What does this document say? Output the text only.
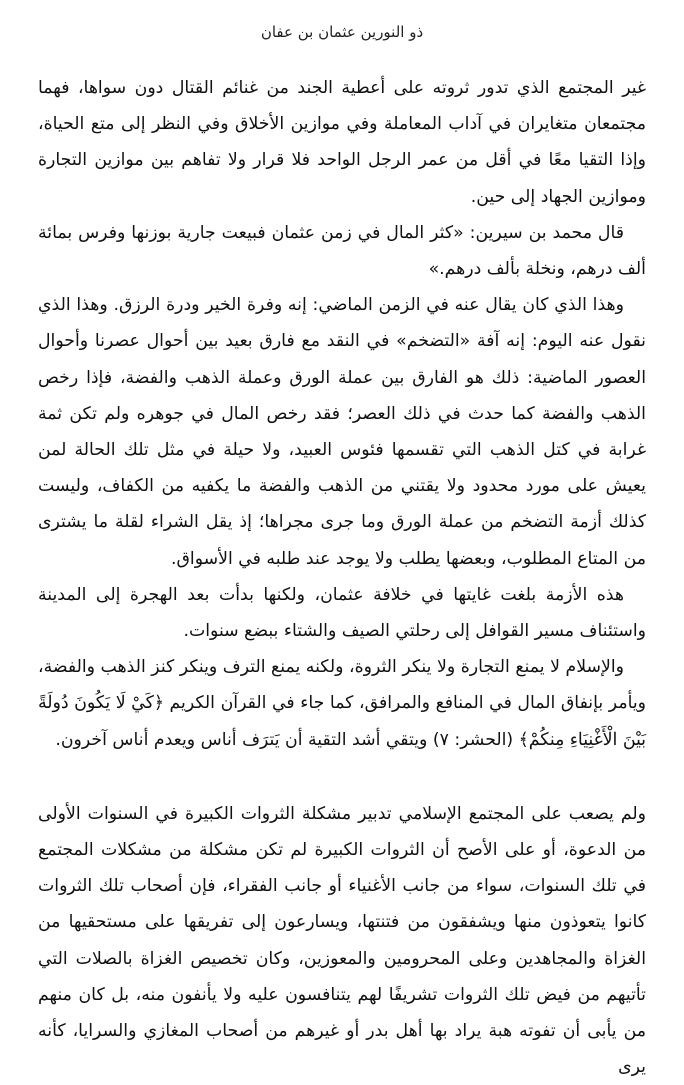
ذو النورين عثمان بن عفان

غير المجتمع الذي تدور ثروته على أعطية الجند من غنائم القتال دون سواها، فهما مجتمعان متغايران في آداب المعاملة وفي موازين الأخلاق وفي النظر إلى متع الحياة، وإذا التقيا معًا في أقل من عمر الرجل الواحد فلا قرار ولا تفاهم بين موازين التجارة وموازين الجهاد إلى حين.

قال محمد بن سيرين: «كثر المال في زمن عثمان فبيعت جارية بوزنها وفرس بمائة ألف درهم، ونخلة بألف درهم.»

وهذا الذي كان يقال عنه في الزمن الماضي: إنه وفرة الخير ودرة الرزق. وهذا الذي نقول عنه اليوم: إنه آفة «التضخم» في النقد مع فارق بعيد بين أحوال عصرنا وأحوال العصور الماضية: ذلك هو الفارق بين عملة الورق وعملة الذهب والفضة، فإذا رخص الذهب والفضة كما حدث في ذلك العصر؛ فقد رخص المال في جوهره ولم تكن ثمة غرابة في كتل الذهب التي تقسمها فئوس العبيد، ولا حيلة في مثل تلك الحالة لمن يعيش على مورد محدود ولا يقتني من الذهب والفضة ما يكفيه من الكفاف، وليست كذلك أزمة التضخم من عملة الورق وما جرى مجراها؛ إذ يقل الشراء لقلة ما يشترى من المتاع المطلوب، وبعضها يطلب ولا يوجد عند طلبه في الأسواق.

هذه الأزمة بلغت غايتها في خلافة عثمان، ولكنها بدأت بعد الهجرة إلى المدينة واستئناف مسير القوافل إلى رحلتي الصيف والشتاء ببضع سنوات.

والإسلام لا يمنع التجارة ولا ينكر الثروة، ولكنه يمنع الترف وينكر كنز الذهب والفضة، ويأمر بإنفاق المال في المنافع والمرافق، كما جاء في القرآن الكريم ﴿كَيْ لَا يَكُونَ دُولَةً بَيْنَ الْأَغْنِيَاءِ مِنكُمْ﴾ (الحشر: ٧) ويتقي أشد التقية أن يَترَف أناس ويعدم أناس آخرون.

ولم يصعب على المجتمع الإسلامي تدبير مشكلة الثروات الكبيرة في السنوات الأولى من الدعوة، أو على الأصح أن الثروات الكبيرة لم تكن مشكلة من مشكلات المجتمع في تلك السنوات، سواء من جانب الأغنياء أو جانب الفقراء، فإن أصحاب تلك الثروات كانوا يتعوذون منها ويشفقون من فتنتها، ويسارعون إلى تفريقها على مستحقيها من الغزاة والمجاهدين وعلى المحرومين والمعوزين، وكان تخصيص الغزاة بالصلات التي تأتيهم من فيض تلك الثروات تشريفًا لهم يتنافسون عليه ولا يأنفون منه، بل كان منهم من يأبى أن تفوته هبة يراد بها أهل بدر أو غيرهم من أصحاب المغازي والسرايا، كأنه يرى
